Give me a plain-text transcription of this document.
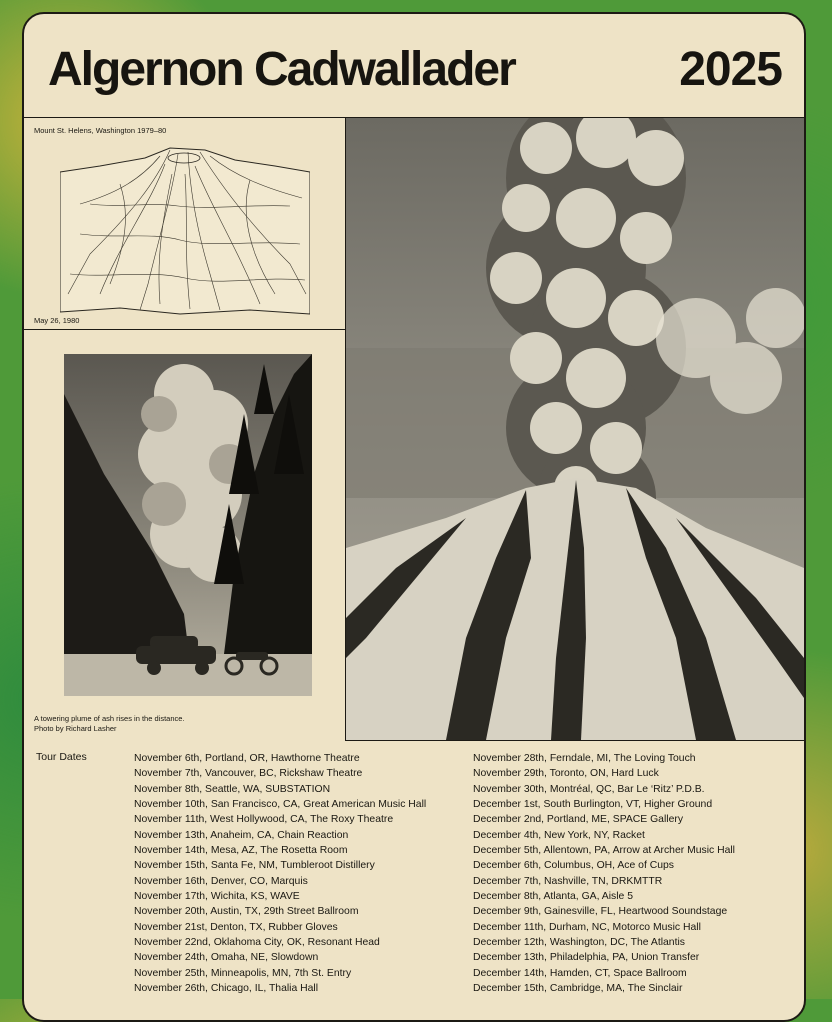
Algernon Cadwallader	2025
Mount St. Helens, Washington 1979–80
May 26, 1980
A towering plume of ash rises in the distance.
Photo by Richard Lasher
Tour Dates	November 6th, Portland, OR, Hawthorne Theatre
November 7th, Vancouver, BC, Rickshaw Theatre
November 8th, Seattle, WA, SUBSTATION
November 10th, San Francisco, CA, Great American Music Hall
November 11th, West Hollywood, CA, The Roxy Theatre
November 13th, Anaheim, CA, Chain Reaction
November 14th, Mesa, AZ, The Rosetta Room
November 15th, Santa Fe, NM, Tumbleroot Distillery
November 16th, Denver, CO, Marquis
November 17th, Wichita, KS, WAVE
November 20th, Austin, TX, 29th Street Ballroom
November 21st, Denton, TX, Rubber Gloves
November 22nd, Oklahoma City, OK, Resonant Head
November 24th, Omaha, NE, Slowdown
November 25th, Minneapolis, MN, 7th St. Entry
November 26th, Chicago, IL, Thalia Hall
November 28th, Ferndale, MI, The Loving Touch
November 29th, Toronto, ON, Hard Luck
November 30th, Montréal, QC, Bar Le ‘Ritz’ P.D.B.
December 1st, South Burlington, VT, Higher Ground
December 2nd, Portland, ME, SPACE Gallery
December 4th, New York, NY, Racket
December 5th, Allentown, PA, Arrow at Archer Music Hall
December 6th, Columbus, OH, Ace of Cups
December 7th, Nashville, TN, DRKMTTR
December 8th, Atlanta, GA, Aisle 5
December 9th, Gainesville, FL, Heartwood Soundstage
December 11th, Durham, NC, Motorco Music Hall
December 12th, Washington, DC, The Atlantis
December 13th, Philadelphia, PA, Union Transfer
December 14th, Hamden, CT, Space Ballroom
December 15th, Cambridge, MA, The Sinclair
